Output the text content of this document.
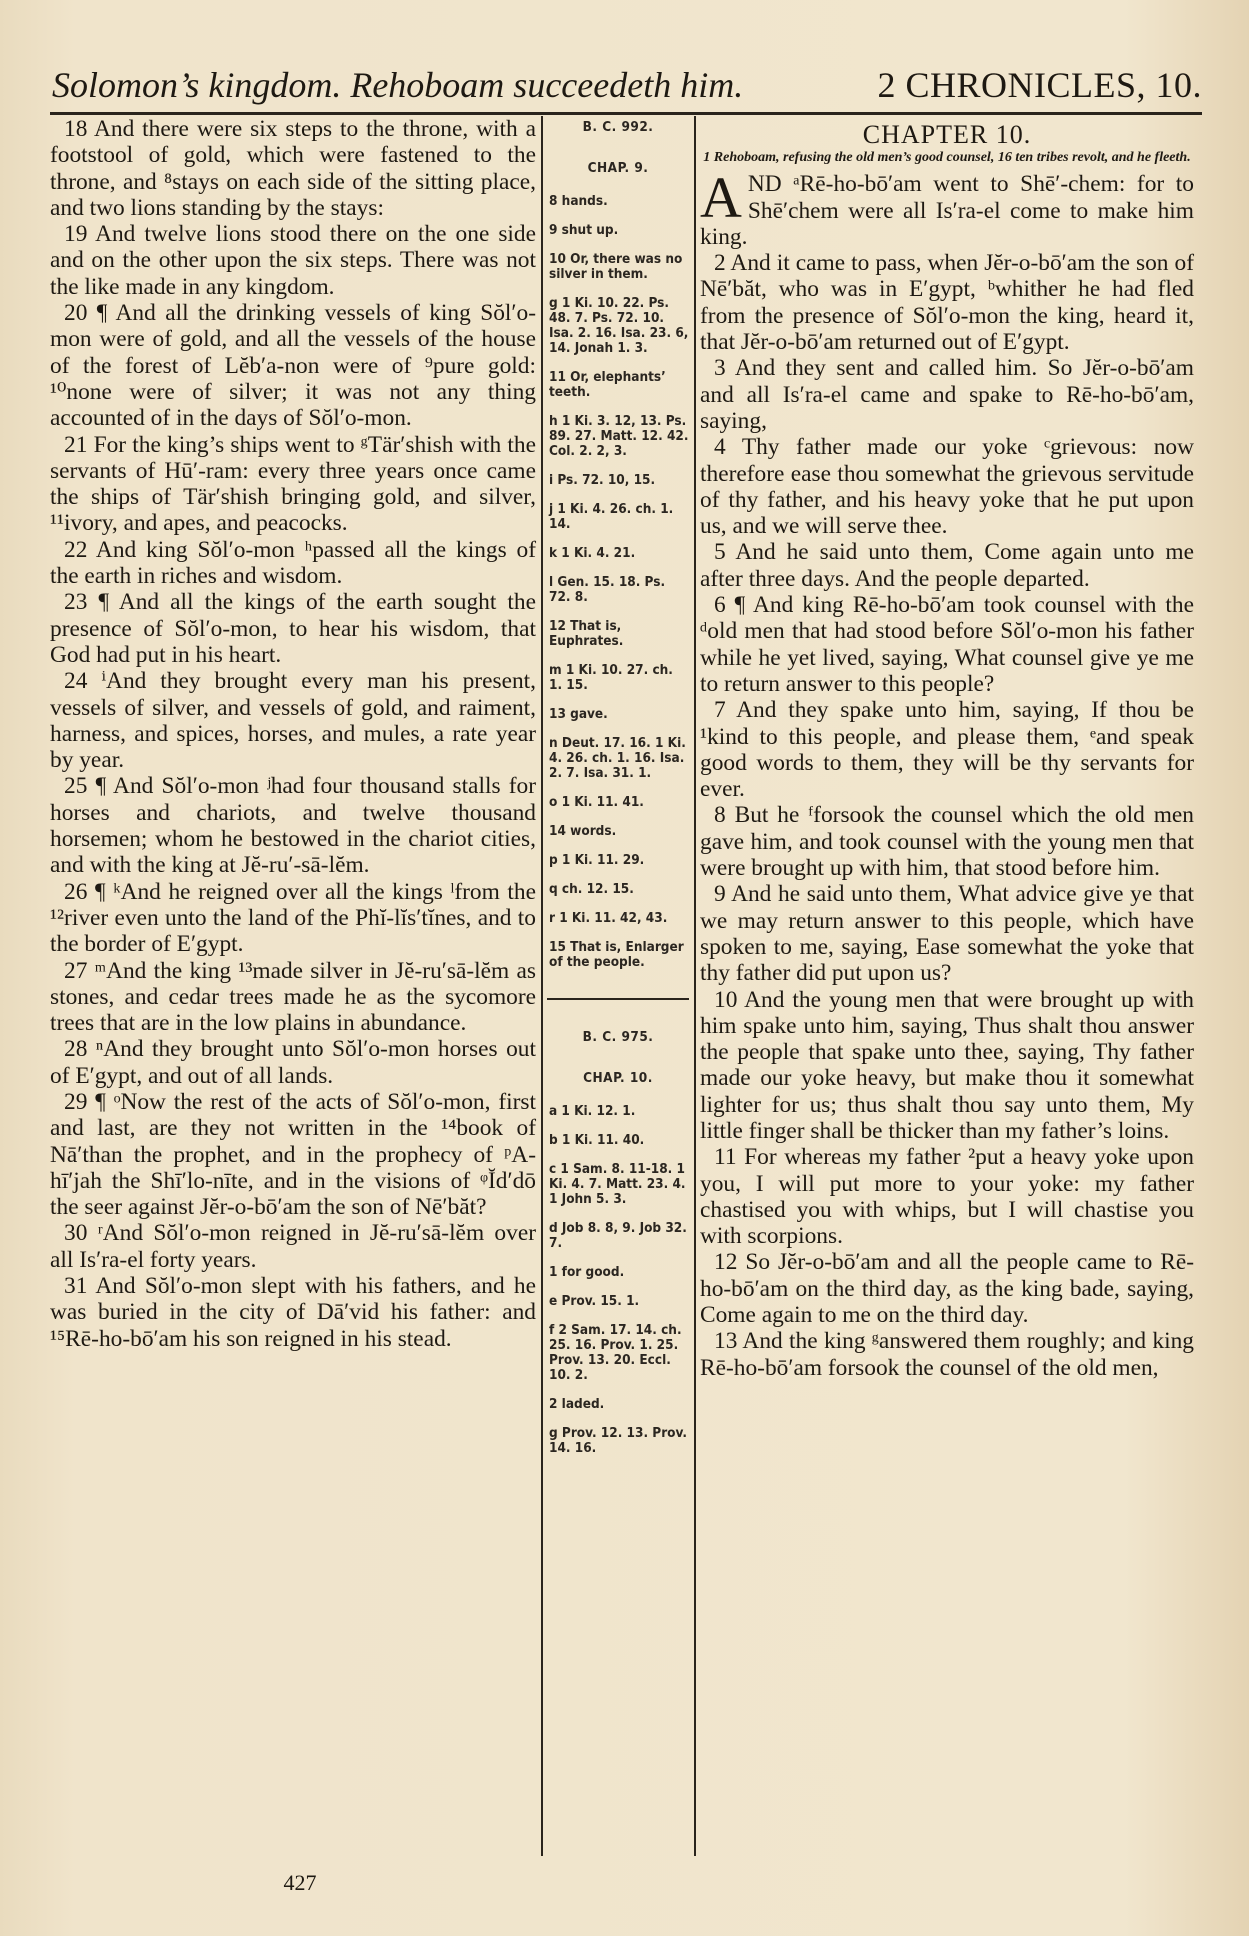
Solomon’s kingdom. Rehoboam succeedeth him.	2 CHRONICLES, 10.

18 And there were six steps to the throne, with a footstool of gold, which were fastened to the throne, and ⁸stays on each side of the sitting place, and two lions standing by the stays:

19 And twelve lions stood there on the one side and on the other upon the six steps. There was not the like made in any kingdom.

20 ¶ And all the drinking vessels of king Sŏl′o-mon were of gold, and all the vessels of the house of the forest of Lĕb′a-non were of ⁹pure gold: ¹⁰none were of silver; it was not any thing accounted of in the days of Sŏl′o-mon.

21 For the king’s ships went to ᵍTär′shish with the servants of Hū′-ram: every three years once came the ships of Tär′shish bringing gold, and silver, ¹¹ivory, and apes, and peacocks.

22 And king Sŏl′o-mon ʰpassed all the kings of the earth in riches and wisdom.

23 ¶ And all the kings of the earth sought the presence of Sŏl′o-mon, to hear his wisdom, that God had put in his heart.

24 ⁱAnd they brought every man his present, vessels of silver, and vessels of gold, and raiment, harness, and spices, horses, and mules, a rate year by year.

25 ¶ And Sŏl′o-mon ʲhad four thousand stalls for horses and chariots, and twelve thousand horsemen; whom he bestowed in the chariot cities, and with the king at Jĕ-ru′-sā-lĕm.

26 ¶ ᵏAnd he reigned over all the kings ˡfrom the ¹²river even unto the land of the Phĭ-lĭs′tĭnes, and to the border of E′gypt.

27 ᵐAnd the king ¹³made silver in Jĕ-ru′sā-lĕm as stones, and cedar trees made he as the sycomore trees that are in the low plains in abundance.

28 ⁿAnd they brought unto Sŏl′o-mon horses out of E′gypt, and out of all lands.

29 ¶ ᵒNow the rest of the acts of Sŏl′o-mon, first and last, are they not written in the ¹⁴book of Nā′than the prophet, and in the prophecy of ᵖA-hī′jah the Shī′lo-nīte, and in the visions of ᵠĬd′dō the seer against Jĕr-o-bō′am the son of Nē′băt?

30 ʳAnd Sŏl′o-mon reigned in Jĕ-ru′sā-lĕm over all Is′ra-el forty years.

31 And Sŏl′o-mon slept with his fathers, and he was buried in the city of Dā′vid his father: and ¹⁵Rē-ho-bō′am his son reigned in his stead.

B. C. 992.
CHAP. 9.
8 hands.
9 shut up.
10 Or, there was no silver in them.
g 1 Ki. 10. 22. Ps. 48. 7. Ps. 72. 10. Isa. 2. 16. Isa. 23. 6, 14. Jonah 1. 3.
11 Or, elephants’ teeth.
h 1 Ki. 3. 12, 13. Ps. 89. 27. Matt. 12. 42. Col. 2. 2, 3.
i Ps. 72. 10, 15.
j 1 Ki. 4. 26. ch. 1. 14.
k 1 Ki. 4. 21.
l Gen. 15. 18. Ps. 72. 8.
12 That is, Euphrates.
m 1 Ki. 10. 27. ch. 1. 15.
13 gave.
n Deut. 17. 16. 1 Ki. 4. 26. ch. 1. 16. Isa. 2. 7. Isa. 31. 1.
o 1 Ki. 11. 41.
14 words.
p 1 Ki. 11. 29.
q ch. 12. 15.
r 1 Ki. 11. 42, 43.
15 That is, Enlarger of the people.
B. C. 975.
CHAP. 10.
a 1 Ki. 12. 1.
b 1 Ki. 11. 40.
c 1 Sam. 8. 11-18. 1 Ki. 4. 7. Matt. 23. 4. 1 John 5. 3.
d Job 8. 8, 9. Job 32. 7.
1 for good.
e Prov. 15. 1.
f 2 Sam. 17. 14. ch. 25. 16. Prov. 1. 25. Prov. 13. 20. Eccl. 10. 2.
2 laded.
g Prov. 12. 13. Prov. 14. 16.
CHAPTER 10.
1 Rehoboam, refusing the old men’s good counsel, 16 ten tribes revolt, and he fleeth.

AND ᵃRē-ho-bō′am went to Shē′-chem: for to Shē′chem were all Is′ra-el come to make him king.

2 And it came to pass, when Jĕr-o-bō′am the son of Nē′băt, who was in E′gypt, ᵇwhither he had fled from the presence of Sŏl′o-mon the king, heard it, that Jĕr-o-bō′am returned out of E′gypt.

3 And they sent and called him. So Jĕr-o-bō′am and all Is′ra-el came and spake to Rē-ho-bō′am, saying,

4 Thy father made our yoke ᶜgrievous: now therefore ease thou somewhat the grievous servitude of thy father, and his heavy yoke that he put upon us, and we will serve thee.

5 And he said unto them, Come again unto me after three days. And the people departed.

6 ¶ And king Rē-ho-bō′am took counsel with the ᵈold men that had stood before Sŏl′o-mon his father while he yet lived, saying, What counsel give ye me to return answer to this people?

7 And they spake unto him, saying, If thou be ¹kind to this people, and please them, ᵉand speak good words to them, they will be thy servants for ever.

8 But he ᶠforsook the counsel which the old men gave him, and took counsel with the young men that were brought up with him, that stood before him.

9 And he said unto them, What advice give ye that we may return answer to this people, which have spoken to me, saying, Ease somewhat the yoke that thy father did put upon us?

10 And the young men that were brought up with him spake unto him, saying, Thus shalt thou answer the people that spake unto thee, saying, Thy father made our yoke heavy, but make thou it somewhat lighter for us; thus shalt thou say unto them, My little finger shall be thicker than my father’s loins.

11 For whereas my father ²put a heavy yoke upon you, I will put more to your yoke: my father chastised you with whips, but I will chastise you with scorpions.

12 So Jĕr-o-bō′am and all the people came to Rē-ho-bō′am on the third day, as the king bade, saying, Come again to me on the third day.

13 And the king ᵍanswered them roughly; and king Rē-ho-bō′am forsook the counsel of the old men,

427
